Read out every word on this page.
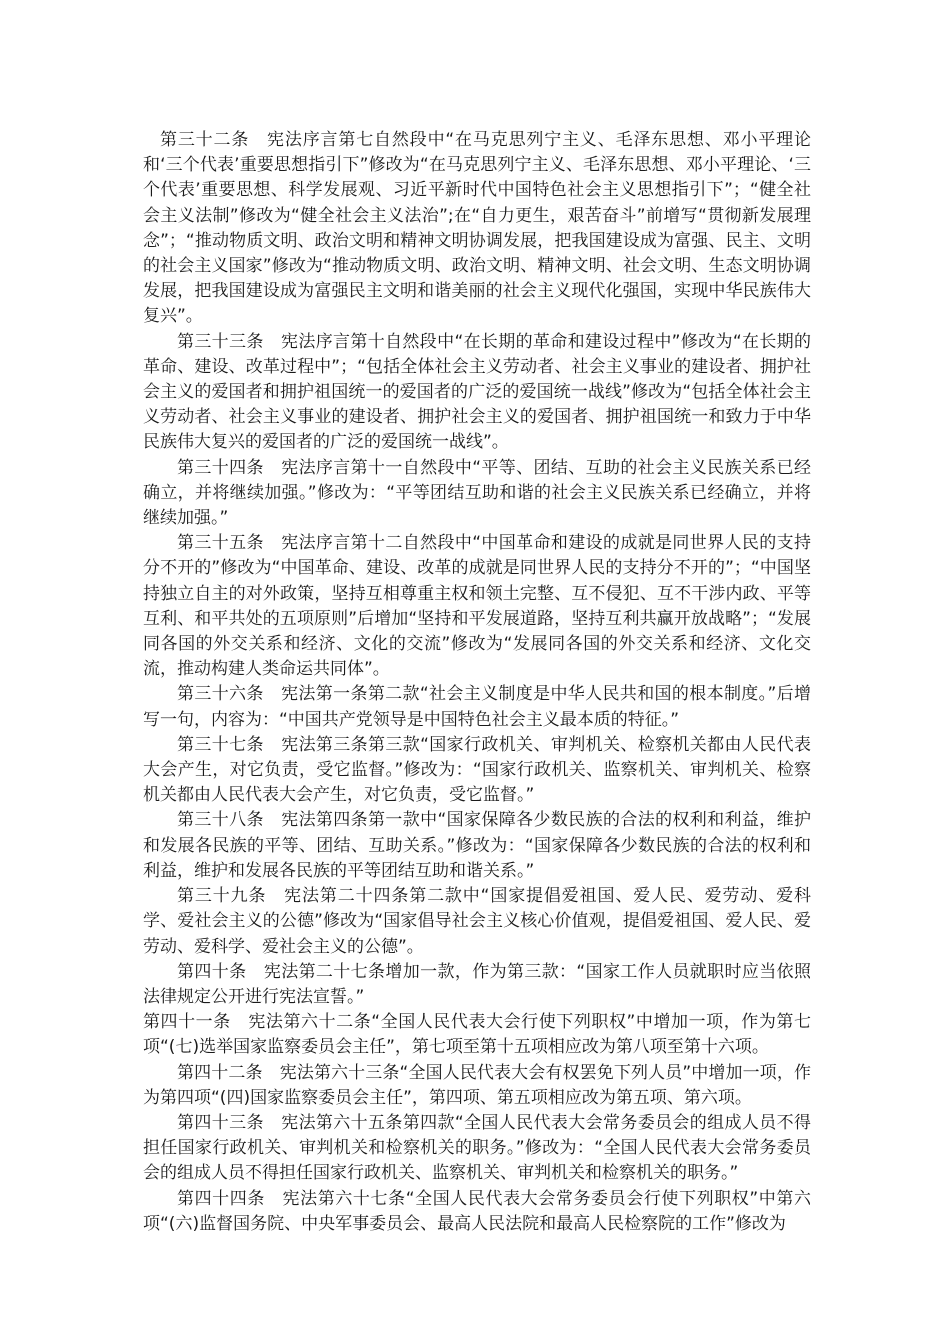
第三十二条　宪法序言第七自然段中“在马克思列宁主义、毛泽东思想、邓小平理论和‘三个代表’重要思想指引下”修改为“在马克思列宁主义、毛泽东思想、邓小平理论、‘三个代表’重要思想、科学发展观、习近平新时代中国特色社会主义思想指引下”；“健全社会主义法制”修改为“健全社会主义法治”;在“自力更生，艰苦奋斗”前增写“贯彻新发展理念”；“推动物质文明、政治文明和精神文明协调发展，把我国建设成为富强、民主、文明的社会主义国家”修改为“推动物质文明、政治文明、精神文明、社会文明、生态文明协调发展，把我国建设成为富强民主文明和谐美丽的社会主义现代化强国，实现中华民族伟大复兴”。

第三十三条　宪法序言第十自然段中“在长期的革命和建设过程中”修改为“在长期的革命、建设、改革过程中”；“包括全体社会主义劳动者、社会主义事业的建设者、拥护社会主义的爱国者和拥护祖国统一的爱国者的广泛的爱国统一战线”修改为“包括全体社会主义劳动者、社会主义事业的建设者、拥护社会主义的爱国者、拥护祖国统一和致力于中华民族伟大复兴的爱国者的广泛的爱国统一战线”。

第三十四条　宪法序言第十一自然段中“平等、团结、互助的社会主义民族关系已经确立，并将继续加强。”修改为：“平等团结互助和谐的社会主义民族关系已经确立，并将继续加强。”

第三十五条　宪法序言第十二自然段中“中国革命和建设的成就是同世界人民的支持分不开的”修改为“中国革命、建设、改革的成就是同世界人民的支持分不开的”；“中国坚持独立自主的对外政策，坚持互相尊重主权和领土完整、互不侵犯、互不干涉内政、平等互利、和平共处的五项原则”后增加“坚持和平发展道路，坚持互利共赢开放战略”；“发展同各国的外交关系和经济、文化的交流”修改为“发展同各国的外交关系和经济、文化交流，推动构建人类命运共同体”。

第三十六条　宪法第一条第二款“社会主义制度是中华人民共和国的根本制度。”后增写一句，内容为：“中国共产党领导是中国特色社会主义最本质的特征。”

第三十七条　宪法第三条第三款“国家行政机关、审判机关、检察机关都由人民代表大会产生，对它负责，受它监督。”修改为：“国家行政机关、监察机关、审判机关、检察机关都由人民代表大会产生，对它负责，受它监督。”

第三十八条　宪法第四条第一款中“国家保障各少数民族的合法的权利和利益，维护和发展各民族的平等、团结、互助关系。”修改为：“国家保障各少数民族的合法的权利和利益，维护和发展各民族的平等团结互助和谐关系。”

第三十九条　宪法第二十四条第二款中“国家提倡爱祖国、爱人民、爱劳动、爱科学、爱社会主义的公德”修改为“国家倡导社会主义核心价值观，提倡爱祖国、爱人民、爱劳动、爱科学、爱社会主义的公德”。

第四十条　宪法第二十七条增加一款，作为第三款：“国家工作人员就职时应当依照法律规定公开进行宪法宣誓。”

第四十一条　宪法第六十二条“全国人民代表大会行使下列职权”中增加一项，作为第七项“(七)选举国家监察委员会主任”，第七项至第十五项相应改为第八项至第十六项。

第四十二条　宪法第六十三条“全国人民代表大会有权罢免下列人员”中增加一项，作为第四项“(四)国家监察委员会主任”，第四项、第五项相应改为第五项、第六项。

第四十三条　宪法第六十五条第四款“全国人民代表大会常务委员会的组成人员不得担任国家行政机关、审判机关和检察机关的职务。”修改为：“全国人民代表大会常务委员会的组成人员不得担任国家行政机关、监察机关、审判机关和检察机关的职务。”

第四十四条　宪法第六十七条“全国人民代表大会常务委员会行使下列职权”中第六项“(六)监督国务院、中央军事委员会、最高人民法院和最高人民检察院的工作”修改为
